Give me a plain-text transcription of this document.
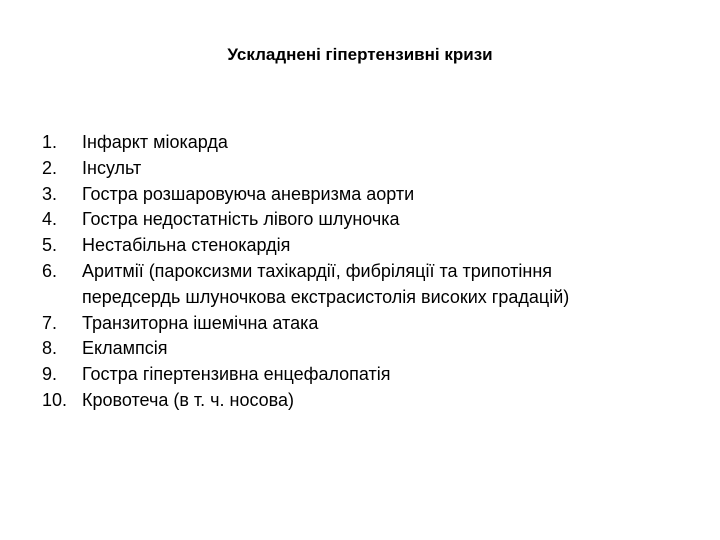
Ускладнені гіпертензивні кризи
1. Інфаркт міокарда
2. Інсульт
3. Гостра розшаровуюча аневризма аорти
4. Гостра недостатність лівого шлуночка
5. Нестабільна стенокардія
6. Аритмії (пароксизми тахікардії, фибріляції та трипотіння
передсердь шлуночкова екстрасистолія високих градацій)
7. Транзиторна ішемічна атака
8. Еклампсія
9. Гостра гіпертензивна енцефалопатія
10. Кровотеча (в т. ч. носова)
